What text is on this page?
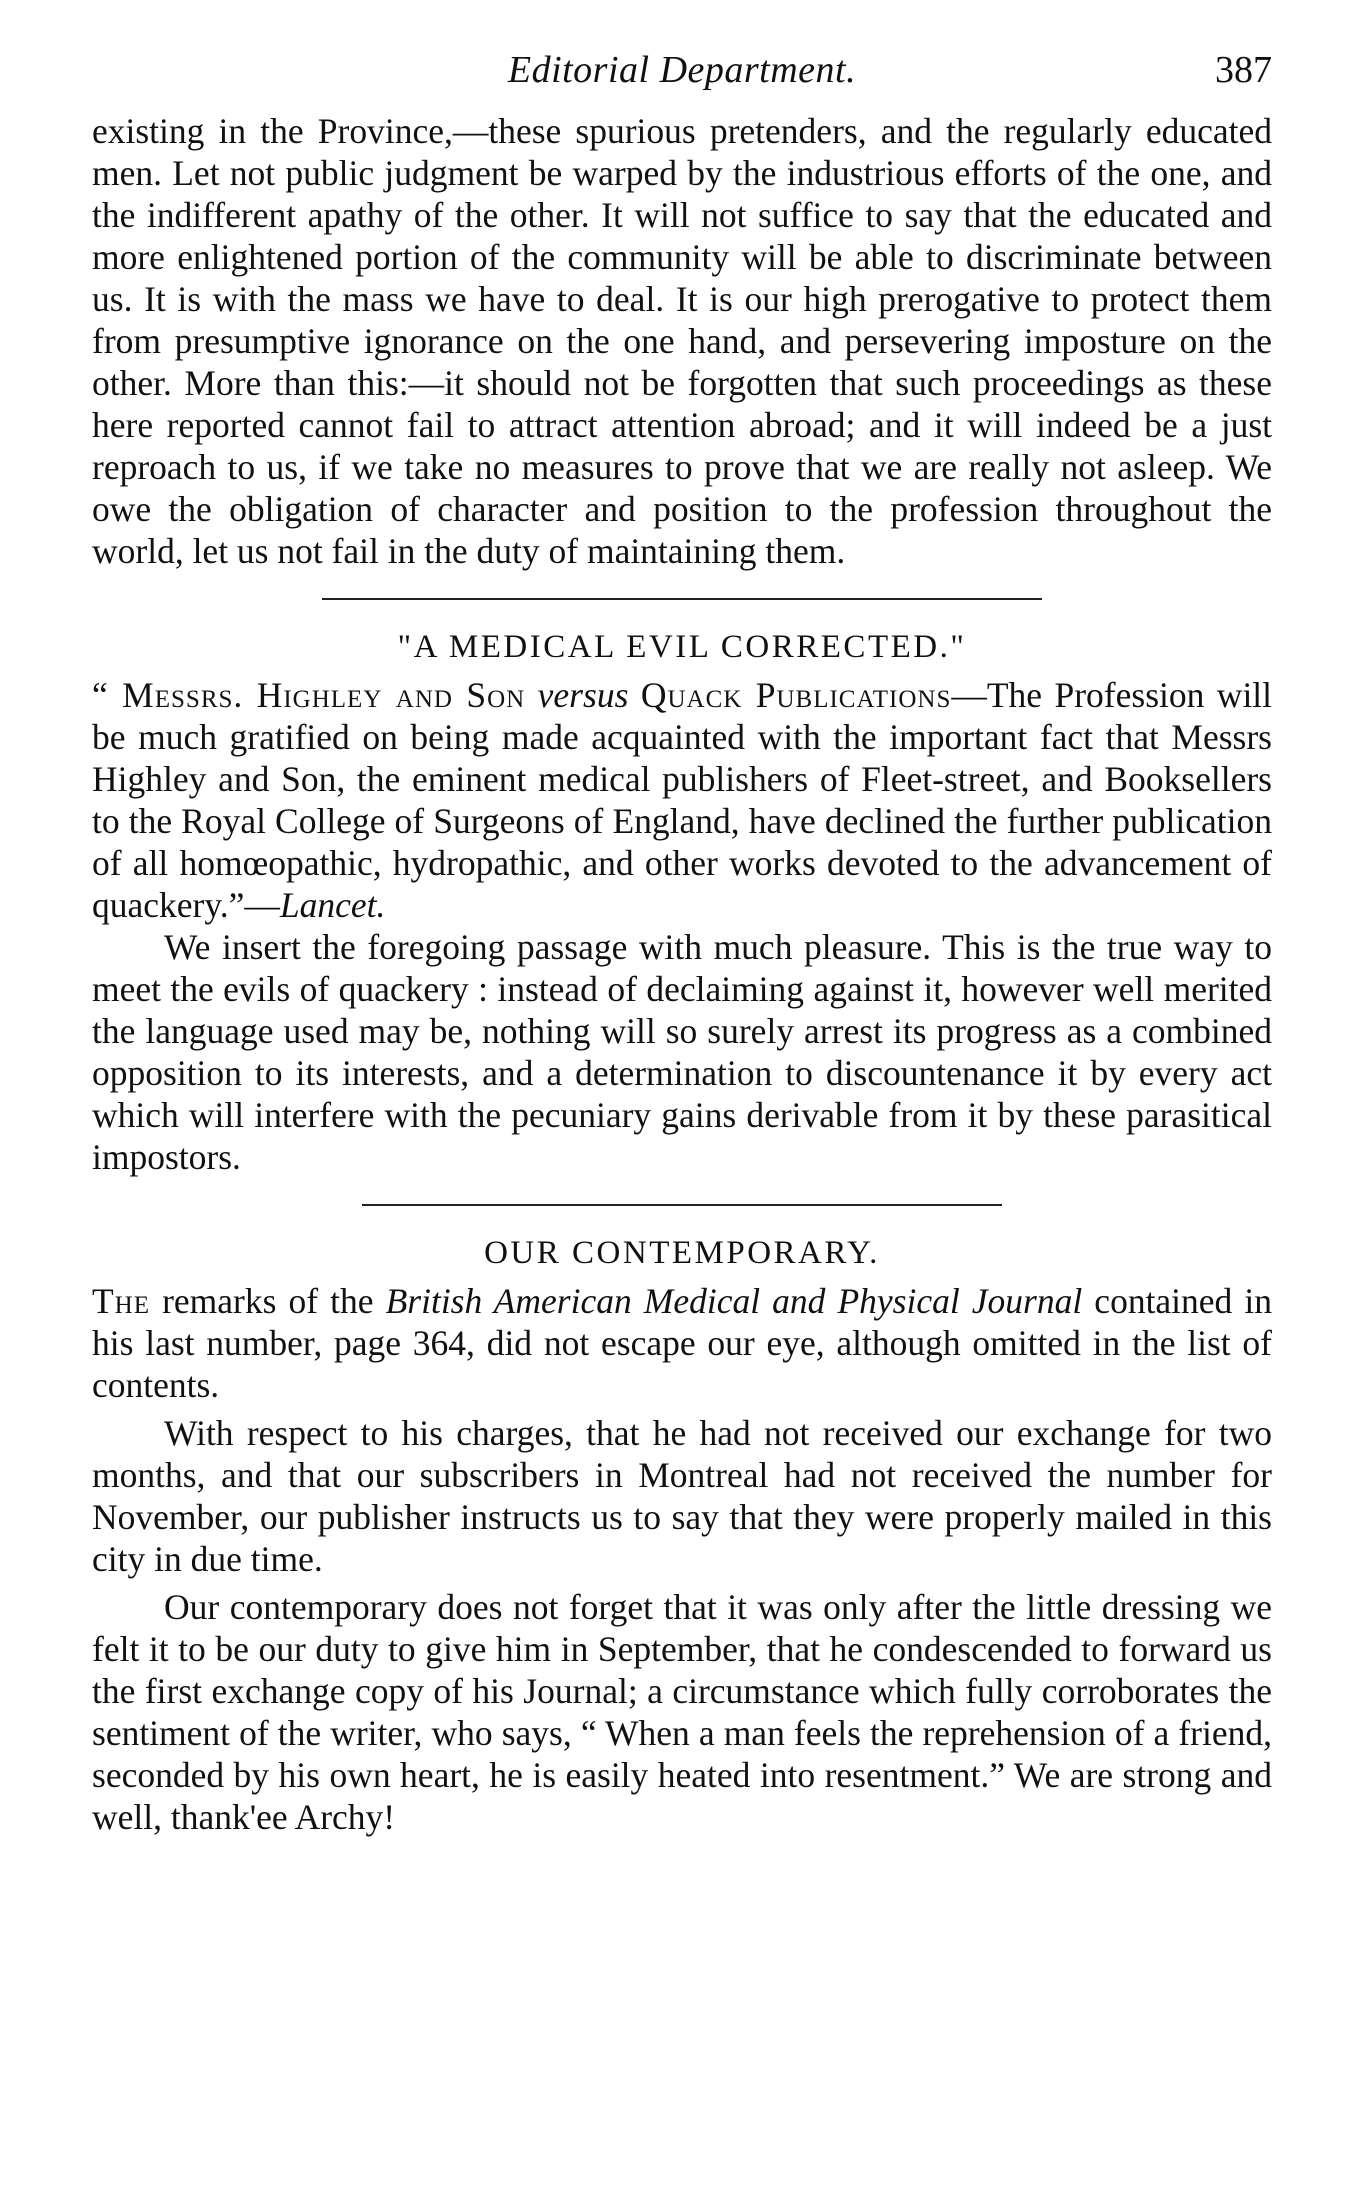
Editorial Department.	387

existing in the Province,—these spurious pretenders, and the regularly educated men. Let not public judgment be warped by the industrious efforts of the one, and the indifferent apathy of the other. It will not suffice to say that the educated and more enlightened portion of the community will be able to discriminate between us. It is with the mass we have to deal. It is our high prerogative to protect them from presumptive ignorance on the one hand, and persevering imposture on the other. More than this:—it should not be forgotten that such proceedings as these here reported cannot fail to attract attention abroad; and it will indeed be a just reproach to us, if we take no measures to prove that we are really not asleep. We owe the obligation of character and position to the profession throughout the world, let us not fail in the duty of maintaining them.

"A MEDICAL EVIL CORRECTED."

“ Messrs. Highley and Son versus Quack Publications—The Profession will be much gratified on being made acquainted with the important fact that Messrs Highley and Son, the eminent medical publishers of Fleet-street, and Booksellers to the Royal College of Surgeons of England, have declined the further publication of all homœopathic, hydropathic, and other works devoted to the advancement of quackery.”—Lancet.

We insert the foregoing passage with much pleasure. This is the true way to meet the evils of quackery : instead of declaiming against it, however well merited the language used may be, nothing will so surely arrest its progress as a combined opposition to its interests, and a determination to discountenance it by every act which will interfere with the pecuniary gains derivable from it by these parasitical impostors.

OUR CONTEMPORARY.

The remarks of the British American Medical and Physical Journal contained in his last number, page 364, did not escape our eye, although omitted in the list of contents.

With respect to his charges, that he had not received our exchange for two months, and that our subscribers in Montreal had not received the number for November, our publisher instructs us to say that they were properly mailed in this city in due time.

Our contemporary does not forget that it was only after the little dressing we felt it to be our duty to give him in September, that he condescended to forward us the first exchange copy of his Journal; a circumstance which fully corroborates the sentiment of the writer, who says, “ When a man feels the reprehension of a friend, seconded by his own heart, he is easily heated into resentment.” We are strong and well, thank'ee Archy!
